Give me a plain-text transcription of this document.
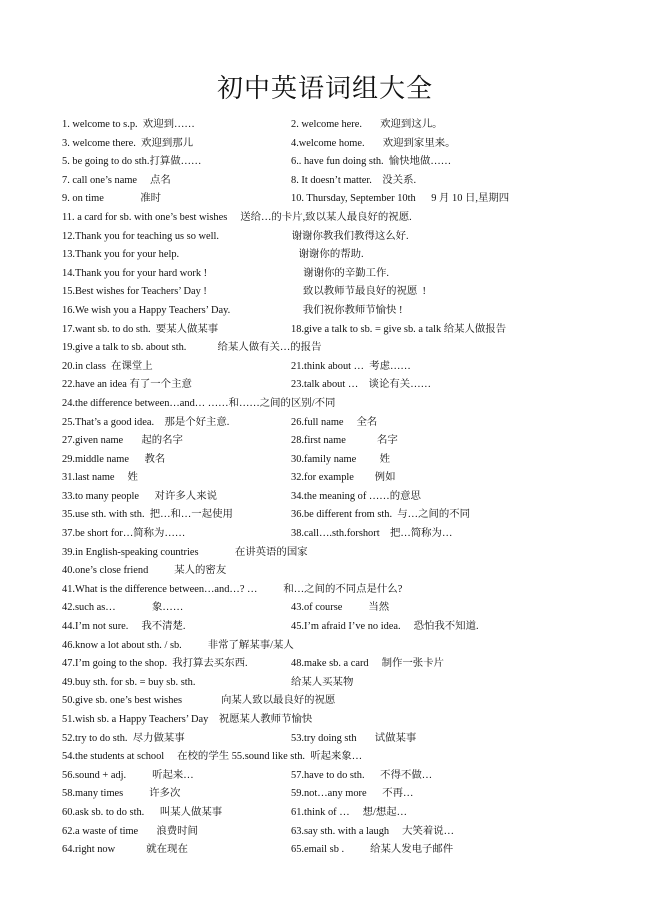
初中英语词组大全
1. welcome to s.p.  欢迎到……	2. welcome here.       欢迎到这儿。
3. welcome there.  欢迎到那儿	4.welcome home.       欢迎到家里来。
5. be going to do sth.打算做……	6.. have fun doing sth.  愉快地做……
7. call one’s name     点名	8. It doesn’t matter.    没关系.
9. on time              准时	10. Thursday, September 10th      9 月 10 日,星期四
11. a card for sb. with one’s best wishes     送给…的卡片,致以某人最良好的祝愿.
12.Thank you for teaching us so well.                            谢谢你教我们教得这么好.
13.Thank you for your help.                                              谢谢你的帮助.
14.Thank you for your hard work !                                     谢谢你的辛勤工作.
15.Best wishes for Teachers’ Day !                                     致以教师节最良好的祝愿  !
16.We wish you a Happy Teachers’ Day.                            我们祝你教师节愉快 !
17.want sb. to do sth.  要某人做某事	18.give a talk to sb. = give sb. a talk 给某人做报告
19.give a talk to sb. about sth.            给某人做有关…的报告
20.in class  在课堂上	21.think about …  考虑……
22.have an idea 有了一个主意	23.talk about …    谈论有关……
24.the difference between…and… ……和……之间的区别/不同
25.That’s a good idea.    那是个好主意.	26.full name     全名
27.given name       起的名字	28.first name            名字
29.middle name      教名	30.family name         姓
31.last name     姓	32.for example        例如
33.to many people      对许多人来说	34.the meaning of ……的意思
35.use sth. with sth.  把…和…一起使用	36.be different from sth.  与…之间的不同
37.be short for…简称为……	38.call….sth.forshort    把…简称为…
39.in English-speaking countries              在讲英语的国家
40.one’s close friend          某人的密友
41.What is the difference between…and…? …          和…之间的不同点是什么?
42.such as…              象……	43.of course          当然
44.I’m not sure.     我不清楚.	45.I’m afraid I’ve no idea.     恐怕我不知道.
46.know a lot about sth. / sb.          非常了解某事/某人
47.I’m going to the shop.  我打算去买东西.	48.make sb. a card     制作一张卡片
49.buy sth. for sb. = buy sb. sth.	给某人买某物
50.give sb. one’s best wishes               向某人致以最良好的祝愿
51.wish sb. a Happy Teachers’ Day    祝愿某人教师节愉快
52.try to do sth.  尽力做某事	53.try doing sth       试做某事
54.the students at school     在校的学生 55.sound like sth.  听起来象…
56.sound + adj.          听起来…	57.have to do sth.      不得不做…
58.many times          许多次	59.not…any more      不再…
60.ask sb. to do sth.      叫某人做某事	61.think of …     想/想起…
62.a waste of time       浪费时间	63.say sth. with a laugh     大笑着说…
64.right now            就在现在	65.email sb .          给某人发电子邮件
